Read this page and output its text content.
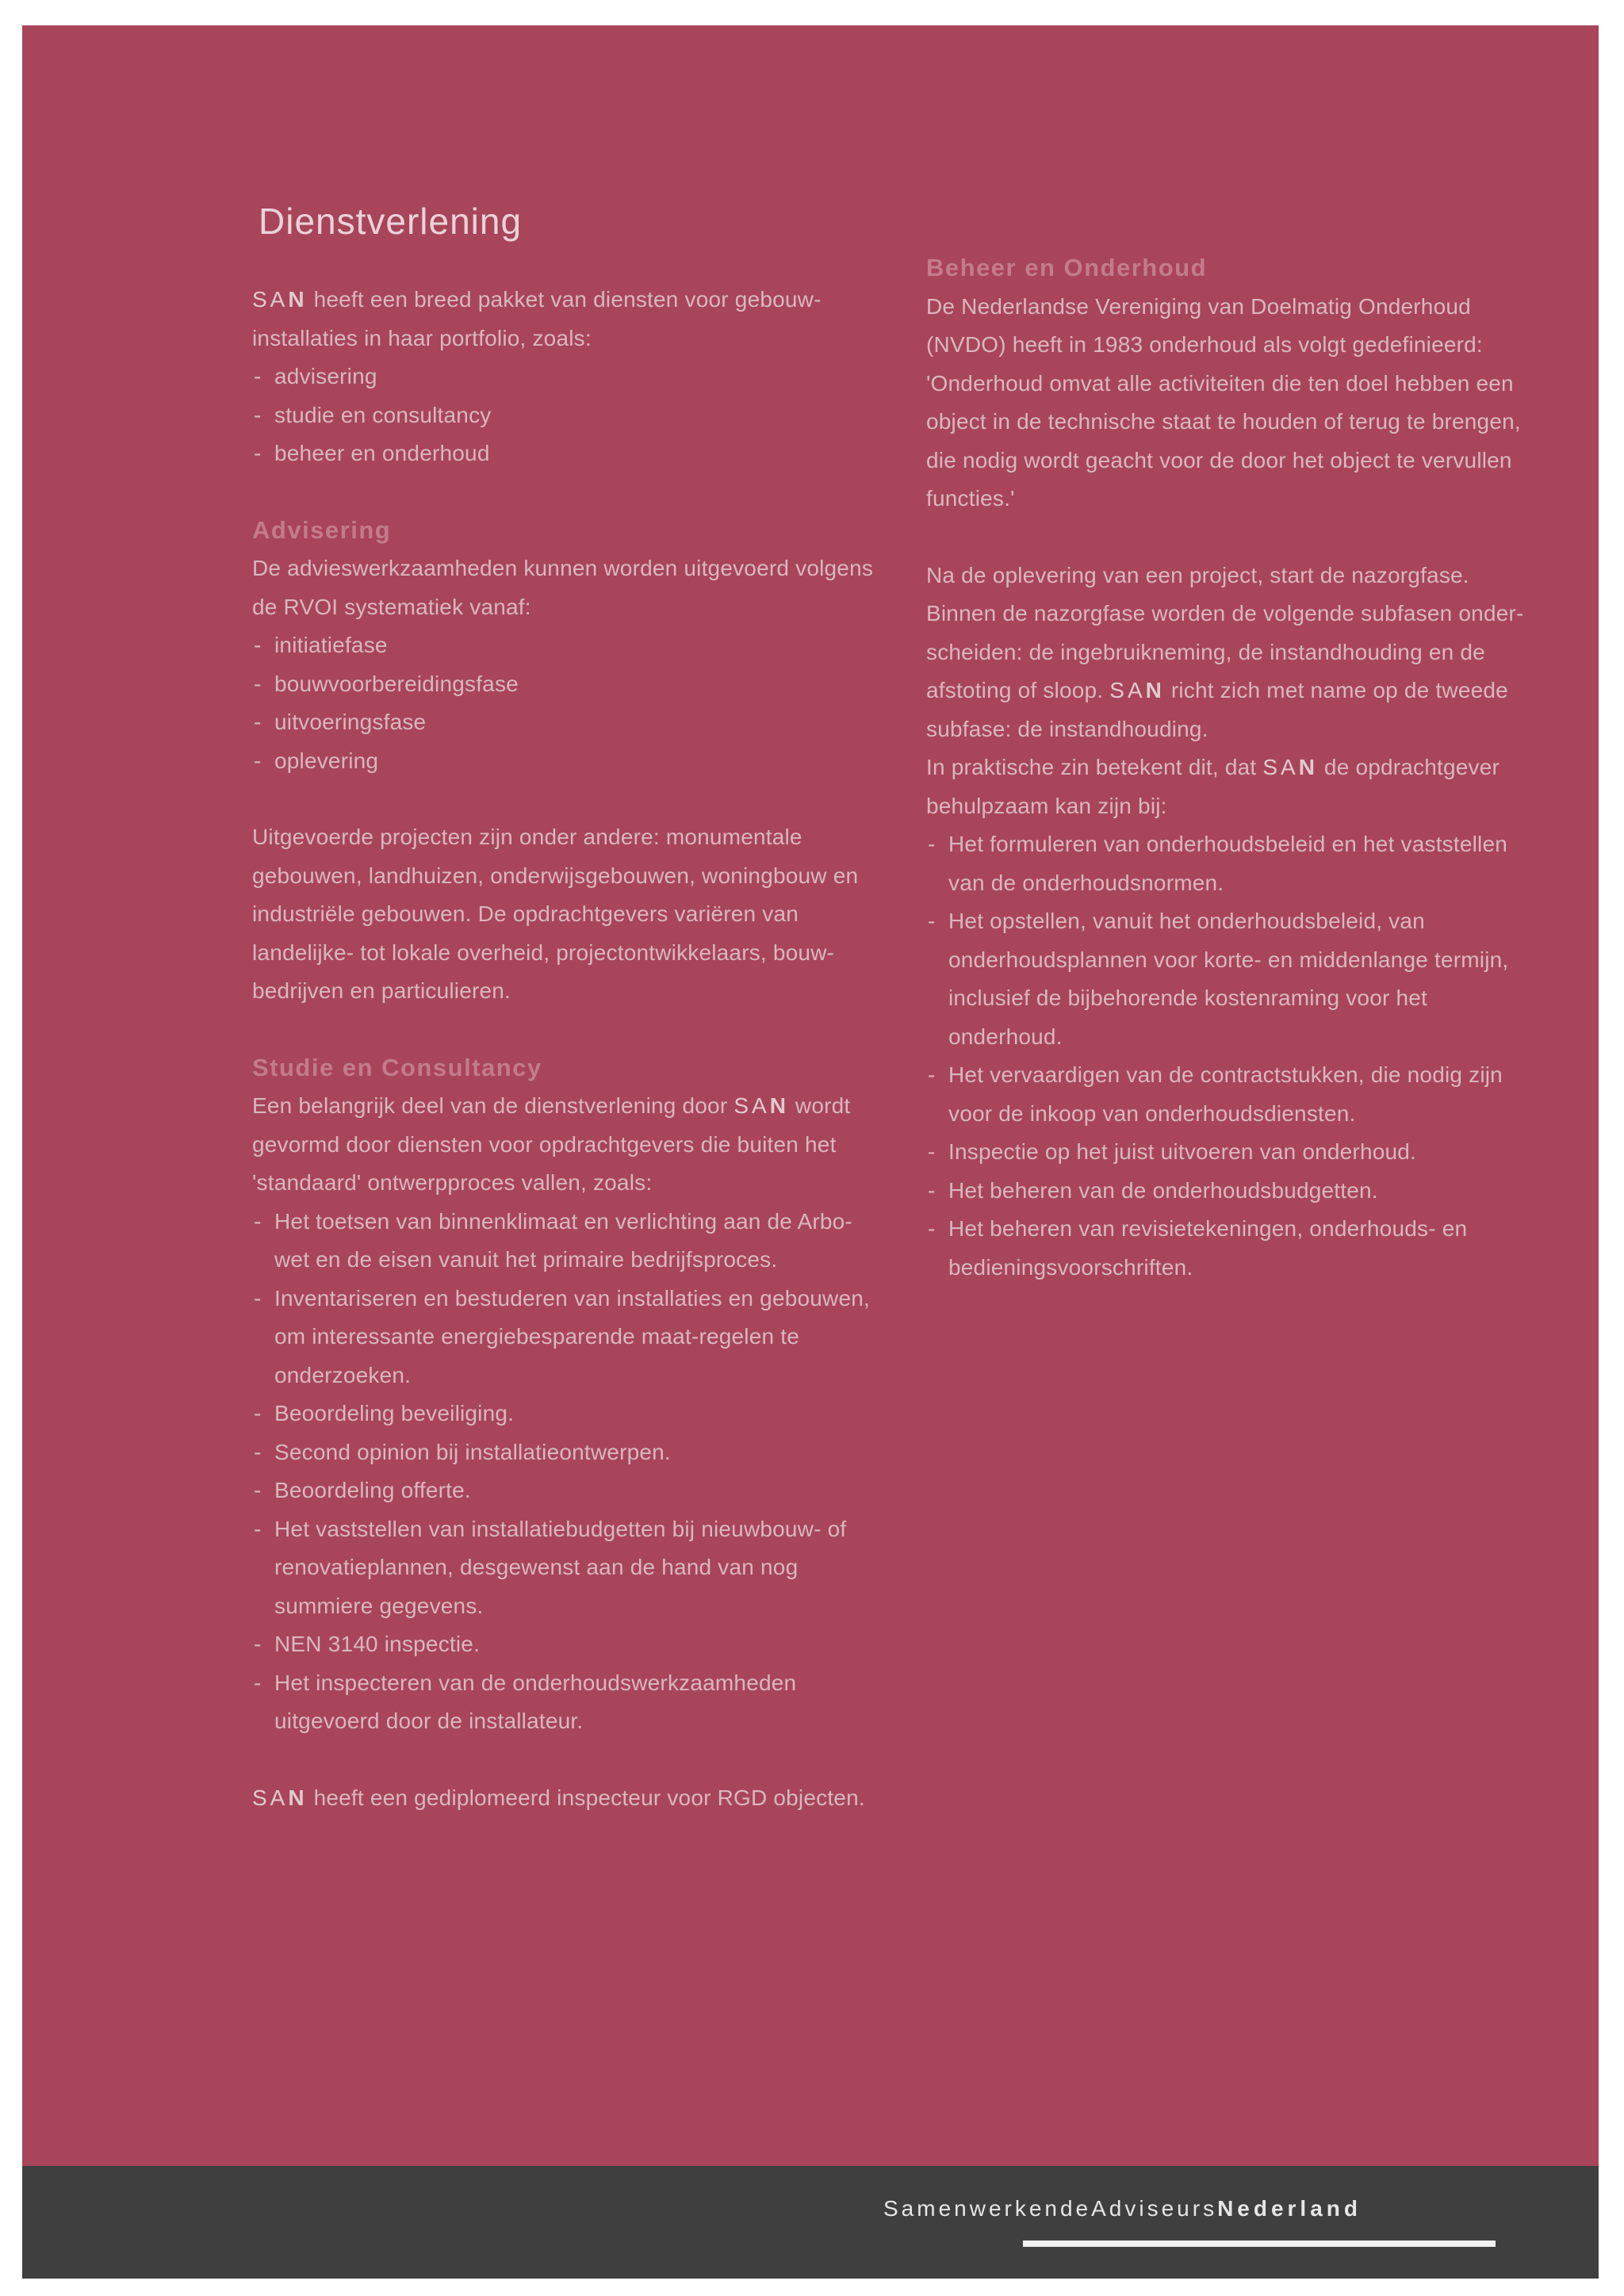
Dienstverlening

SAN heeft een breed pakket van diensten voor gebouw-installaties in haar portfolio, zoals:

- advisering
- studie en consultancy
- beheer en onderhoud
Advisering

De advieswerkzaamheden kunnen worden uitgevoerd volgens de RVOI systematiek vanaf:

- initiatiefase
- bouwvoorbereidingsfase
- uitvoeringsfase
- oplevering

Uitgevoerde projecten zijn onder andere: monumentale gebouwen, landhuizen, onderwijsgebouwen, woningbouw en industriële gebouwen. De opdrachtgevers variëren van landelijke- tot lokale overheid, projectontwikkelaars, bouw-bedrijven en particulieren.

Studie en Consultancy

Een belangrijk deel van de dienstverlening door SAN wordt gevormd door diensten voor opdrachtgevers die buiten het 'standaard' ontwerpproces vallen, zoals:

- Het toetsen van binnenklimaat en verlichting aan de Arbo-wet en de eisen vanuit het primaire bedrijfsproces.
- Inventariseren en bestuderen van installaties en gebouwen, om interessante energiebesparende maat-regelen te onderzoeken.
- Beoordeling beveiliging.
- Second opinion bij installatieontwerpen.
- Beoordeling offerte.
- Het vaststellen van installatiebudgetten bij nieuwbouw- of renovatieplannen, desgewenst aan de hand van nog summiere gegevens.
- NEN 3140 inspectie.
- Het inspecteren van de onderhoudswerkzaamheden uitgevoerd door de installateur.

SAN heeft een gediplomeerd inspecteur voor RGD objecten.

Beheer en Onderhoud

De Nederlandse Vereniging van Doelmatig Onderhoud (NVDO) heeft in 1983 onderhoud als volgt gedefinieerd: 'Onderhoud omvat alle activiteiten die ten doel hebben een object in de technische staat te houden of terug te brengen, die nodig wordt geacht voor de door het object te vervullen functies.'

Na de oplevering van een project, start de nazorgfase. Binnen de nazorgfase worden de volgende subfasen onder-scheiden: de ingebruikneming, de instandhouding en de afstoting of sloop. SAN richt zich met name op de tweede subfase: de instandhouding.

In praktische zin betekent dit, dat SAN de opdrachtgever behulpzaam kan zijn bij:

- Het formuleren van onderhoudsbeleid en het vaststellen van de onderhoudsnormen.
- Het opstellen, vanuit het onderhoudsbeleid, van onderhoudsplannen voor korte- en middenlange termijn, inclusief de bijbehorende kostenraming voor het onderhoud.
- Het vervaardigen van de contractstukken, die nodig zijn voor de inkoop van onderhoudsdiensten.
- Inspectie op het juist uitvoeren van onderhoud.
- Het beheren van de onderhoudsbudgetten.
- Het beheren van revisietekeningen, onderhouds- en bedieningsvoorschriften.
SamenwerkendeAdviseursNederland
